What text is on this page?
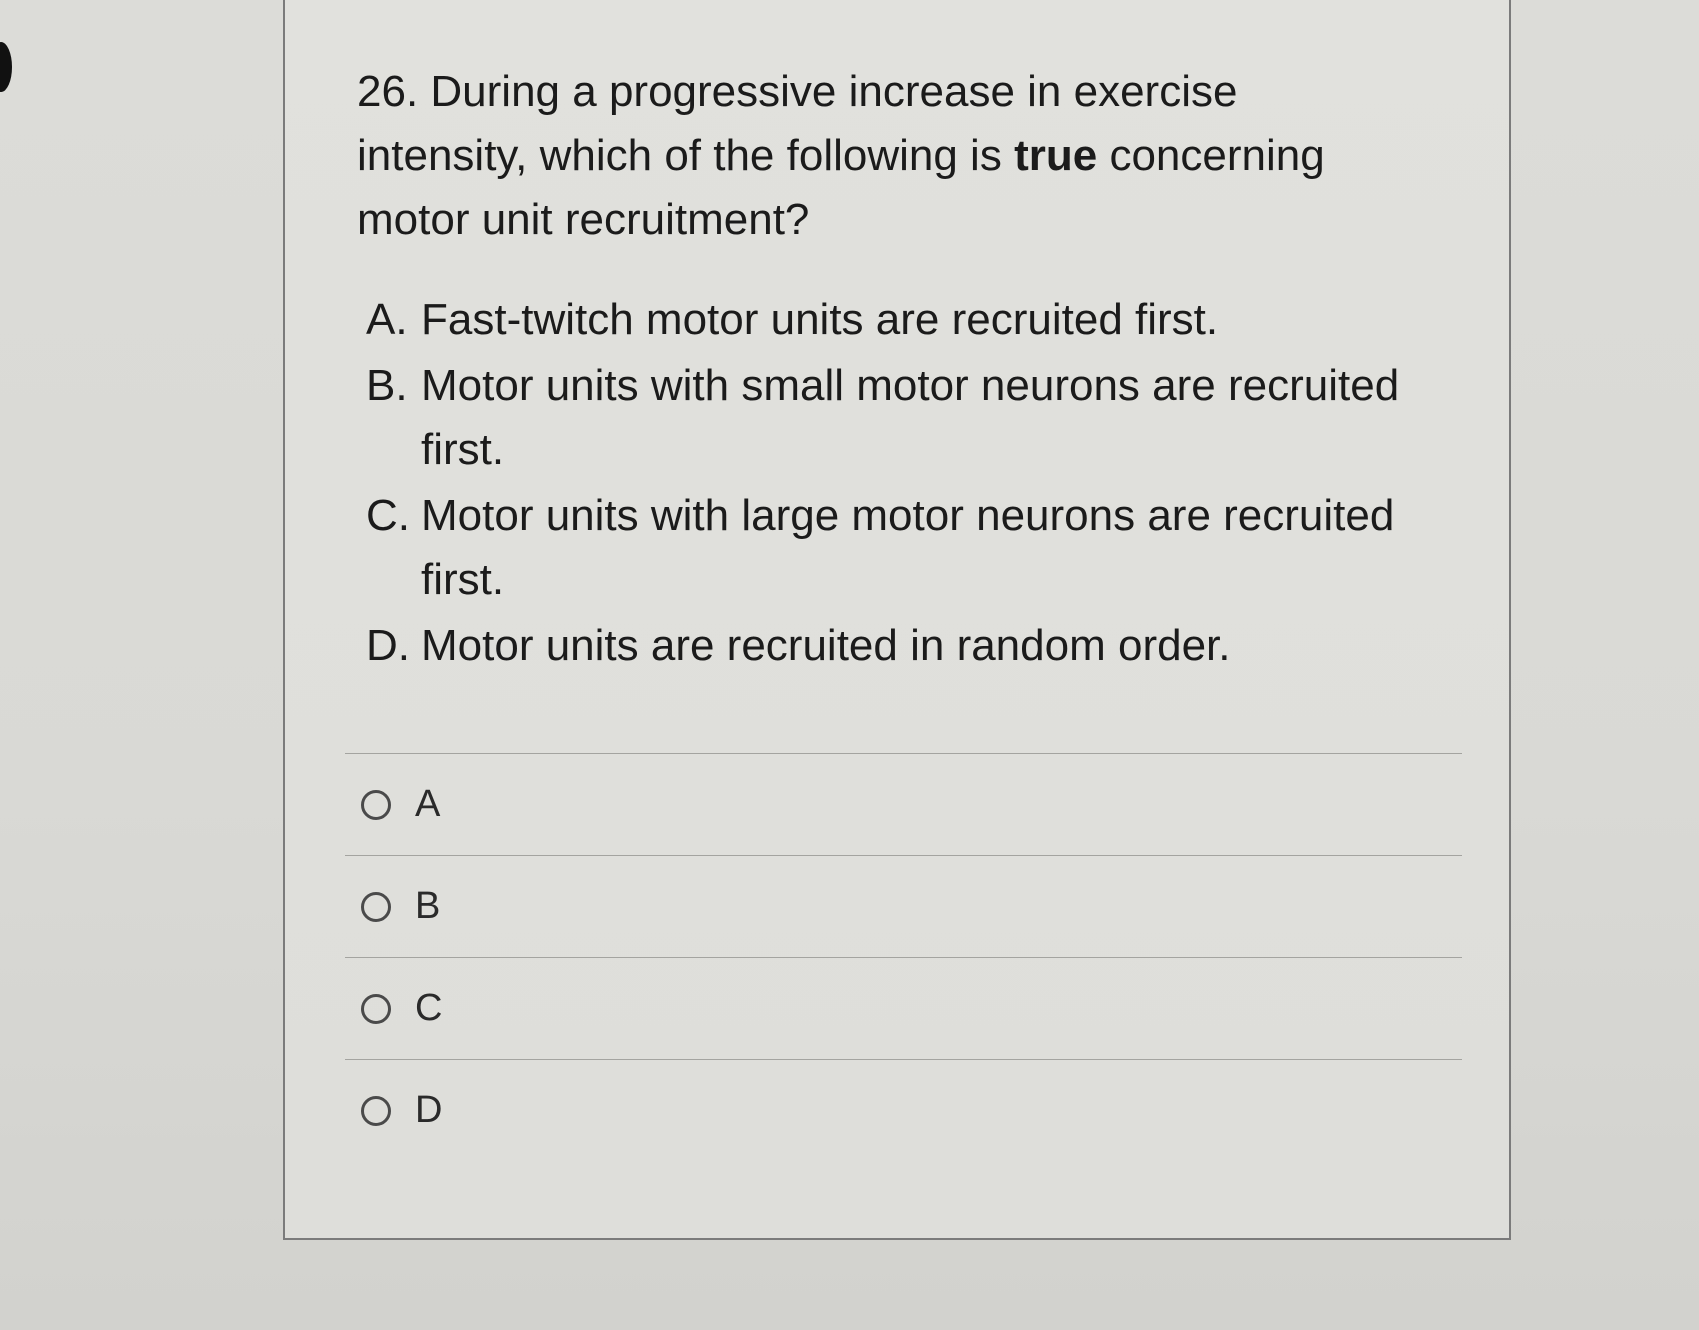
26. During a progressive increase in exercise intensity, which of the following is true concerning motor unit recruitment?

A. Fast-twitch motor units are recruited first.
B. Motor units with small motor neurons are recruited first.
C. Motor units with large motor neurons are recruited first.
D. Motor units are recruited in random order.
A
B
C
D
